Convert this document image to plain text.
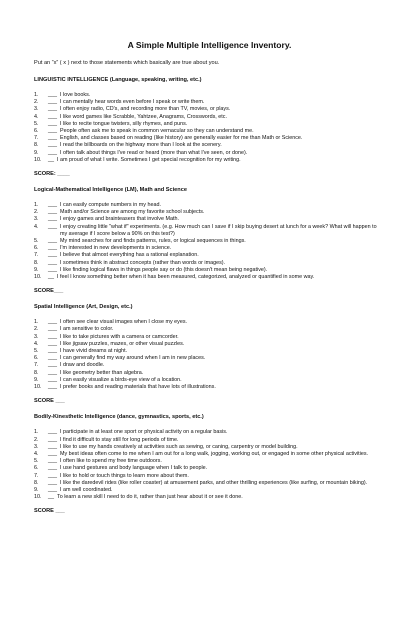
A Simple Multiple Intelligence Inventory.
Put an “x” ( x ) next to those statements which basically are true about you.
LINGUISTIC INTELLIGENCE (Language, speaking, writing, etc.)
1.	___ I love books.
2.	___ I can mentally hear words even before I speak or write them.
3.	___ I often enjoy radio, CD's, and recording more than TV, movies, or plays.
4.	___ I like word games like Scrabble, Yahtzee, Anagrams, Crosswords, etc.
5.	___ I like to recite tongue twisters, silly rhymes, and puns.
6.	___ People often ask me to speak in common vernacular so they can understand me.
7.	___ English, and classes based on reading (like history) are generally easier for me than Math or Science.
8.	___ I read the billboards on the highway more than I look at the scenery.
9.	___ I often talk about things I've read or heard (more than what I've seen, or done).
10.	__ I am proud of what I write. Sometimes I get special recognition for my writing.
SCORE: ____
Logical-Mathematical Intelligence (LM), Math and Science
1.	___ I can easily compute numbers in my head.
2.	___ Math and/or Science are among my favorite school subjects.
3.	___ I enjoy games and brainteasers that involve Math.
4.	___ I enjoy creating little "what if" experiments. (e.g. How much can I save if I skip buying desert at lunch for a week? What will happen to my average if I score below a 90% on this test?)
5.	___ My mind searches for and finds patterns, rules, or logical sequences in things.
6.	___ I'm interested in new developments in science.
7.	___ I believe that almost everything has a rational explanation.
8.	___ I sometimes think in abstract concepts (rather than words or images).
9.	___ I like finding logical flaws in things people say or do (this doesn't mean being negative).
10.	__ I feel I know something better when it has been measured, categorized, analyzed or quantified in some way.
SCORE___
Spatial Intelligence (Art, Design, etc.)
1.	___ I often see clear visual images when I close my eyes.
2.	___ I am sensitive to color.
3.	___ I like to take pictures with a camera or camcorder.
4.	___ I like jigsaw puzzles, mazes, or other visual puzzles.
5.	___ I have vivid dreams at night.
6.	___ I can generally find my way around when I am in new places.
7.	___ I draw and doodle.
8.	___ I like geometry better than algebra.
9.	___ I can easily visualize a birds-eye view of a location.
10.	___ I prefer books and reading materials that have lots of illustrations.
SCORE ___
Bodily-Kinesthetic Intelligence (dance, gymnastics, sports, etc.)
1.	___ I participate in at least one sport or physical activity on a regular basis.
2.	___ I find it difficult to stay still for long periods of time.
3.	___ I like to use my hands creatively at activities such as sewing, or caning, carpentry or model building.
4.	___ My best ideas often come to me when I am out for a long walk, jogging, working out, or engaged in some other physical activities.
5.	___ I often like to spend my free time outdoors.
6.	___ I use hand gestures and body language when I talk to people.
7.	___ I like to hold or touch things to learn more about them.
8.	___ I like the daredevil rides (like roller coaster) at amusement parks, and other thrilling experiences (like surfing, or mountain biking).
9.	___ I am well coordinated.
10.	__ To learn a new skill I need to do it, rather than just hear about it or see it done.
SCORE ___
